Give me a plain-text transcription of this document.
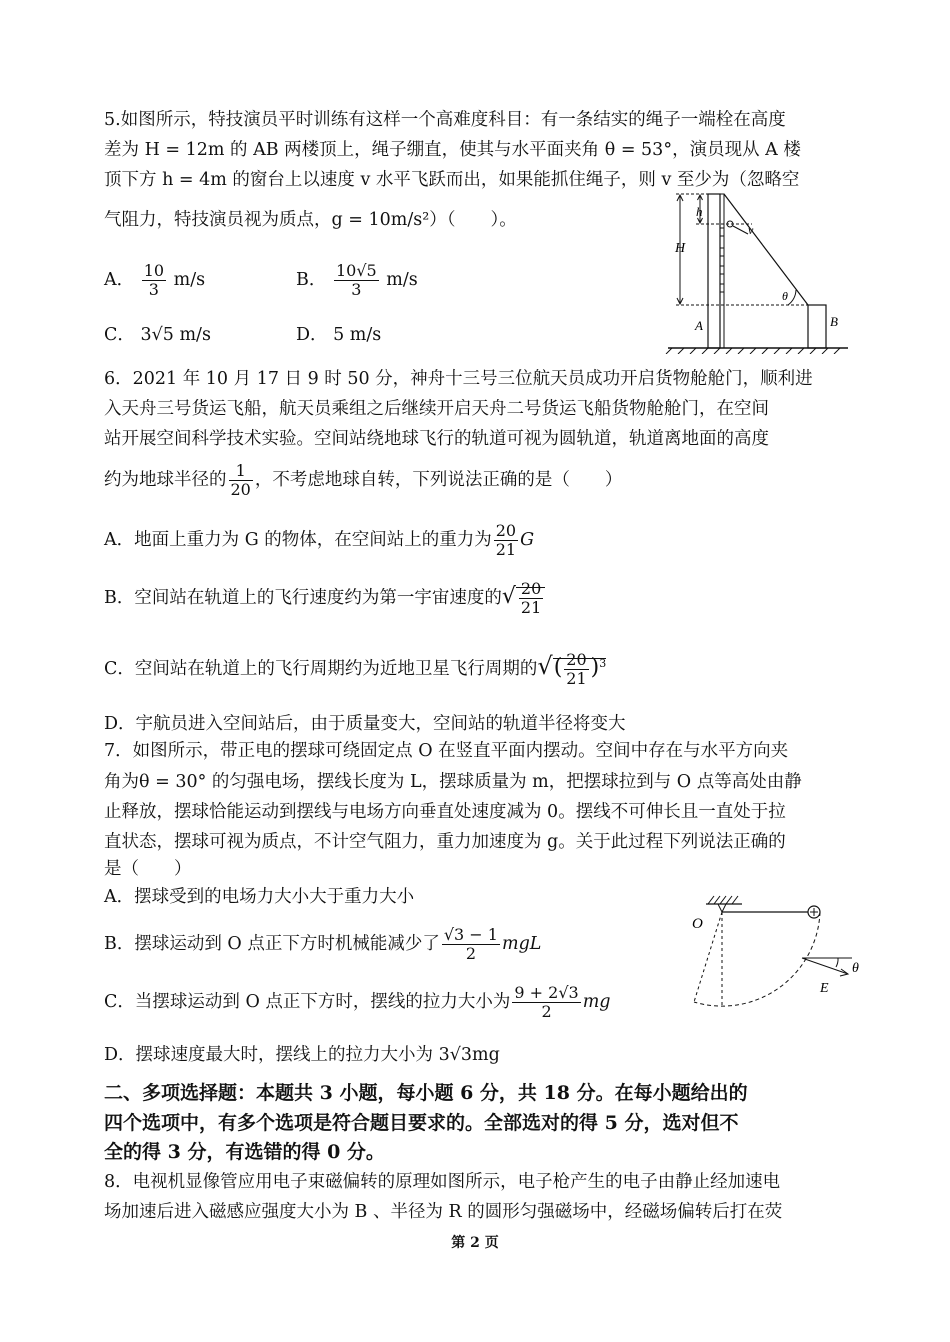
5.如图所示，特技演员平时训练有这样一个高难度科目：有一条结实的绳子一端栓在高度
差为 H = 12m 的 AB 两楼顶上，绳子绷直，使其与水平面夹角 θ = 53°，演员现从 A 楼
顶下方 h = 4m 的窗台上以速度 v 水平飞跃而出，如果能抓住绳子，则 v 至少为（忽略空
气阻力，特技演员视为质点，g = 10m/s²）（　　）。
A． $\frac{10}{3} m/s$	B． $\frac{10√5}{3} m/s$
C． 3√5 m/s	D． 5 m/s
H
h
v
θ
A	B
6．2021 年 10 月 17 日 9 时 50 分，神舟十三号三位航天员成功开启货物舱舱门，顺利进
入天舟三号货运飞船，航天员乘组之后继续开启天舟二号货运飞船货物舱舱门，在空间
站开展空间科学技术实验。空间站绕地球飞行的轨道可视为圆轨道，轨道离地面的高度
约为地球半径的 $\frac{1}{20}$ ，不考虑地球自转，下列说法正确的是（　　）
A．地面上重力为 G 的物体，在空间站上的重力为 $\frac{20}{21}$ G
B．空间站在轨道上的飞行速度约为第一宇宙速度的√ $\frac{20}{21}$
C．空间站在轨道上的飞行周期约为近地卫星飞行周期的√( $\frac{20}{21} )^3$
D．宇航员进入空间站后，由于质量变大，空间站的轨道半径将变大
7．如图所示，带正电的摆球可绕固定点 O 在竖直平面内摆动。空间中存在与水平方向夹
角为θ = 30° 的匀强电场，摆线长度为 L，摆球质量为 m，把摆球拉到与 O 点等高处由静
止释放，摆球恰能运动到摆线与电场方向垂直处速度减为 0。摆线不可伸长且一直处于拉
直状态，摆球可视为质点，不计空气阻力，重力加速度为 g。关于此过程下列说法正确的
是（　　）
A．摆球受到的电场力大小大于重力大小
B．摆球运动到 O 点正下方时机械能减少了 $\frac{√3 - 1}{2}$ mgL
C．当摆球运动到 O 点正下方时，摆线的拉力大小为 $\frac{9 + 2√3}{2}$ mg
D．摆球速度最大时，摆线上的拉力大小为 3√3mg
O
θ
E
二、多项选择题：本题共 3 小题，每小题 6 分，共 18 分。在每小题给出的
四个选项中，有多个选项是符合题目要求的。全部选对的得 5 分，选对但不
全的得 3 分，有选错的得 0 分。
8．电视机显像管应用电子束磁偏转的原理如图所示，电子枪产生的电子由静止经加速电
场加速后进入磁感应强度大小为 B 、半径为 R 的圆形匀强磁场中，经磁场偏转后打在荧
第 2 页
